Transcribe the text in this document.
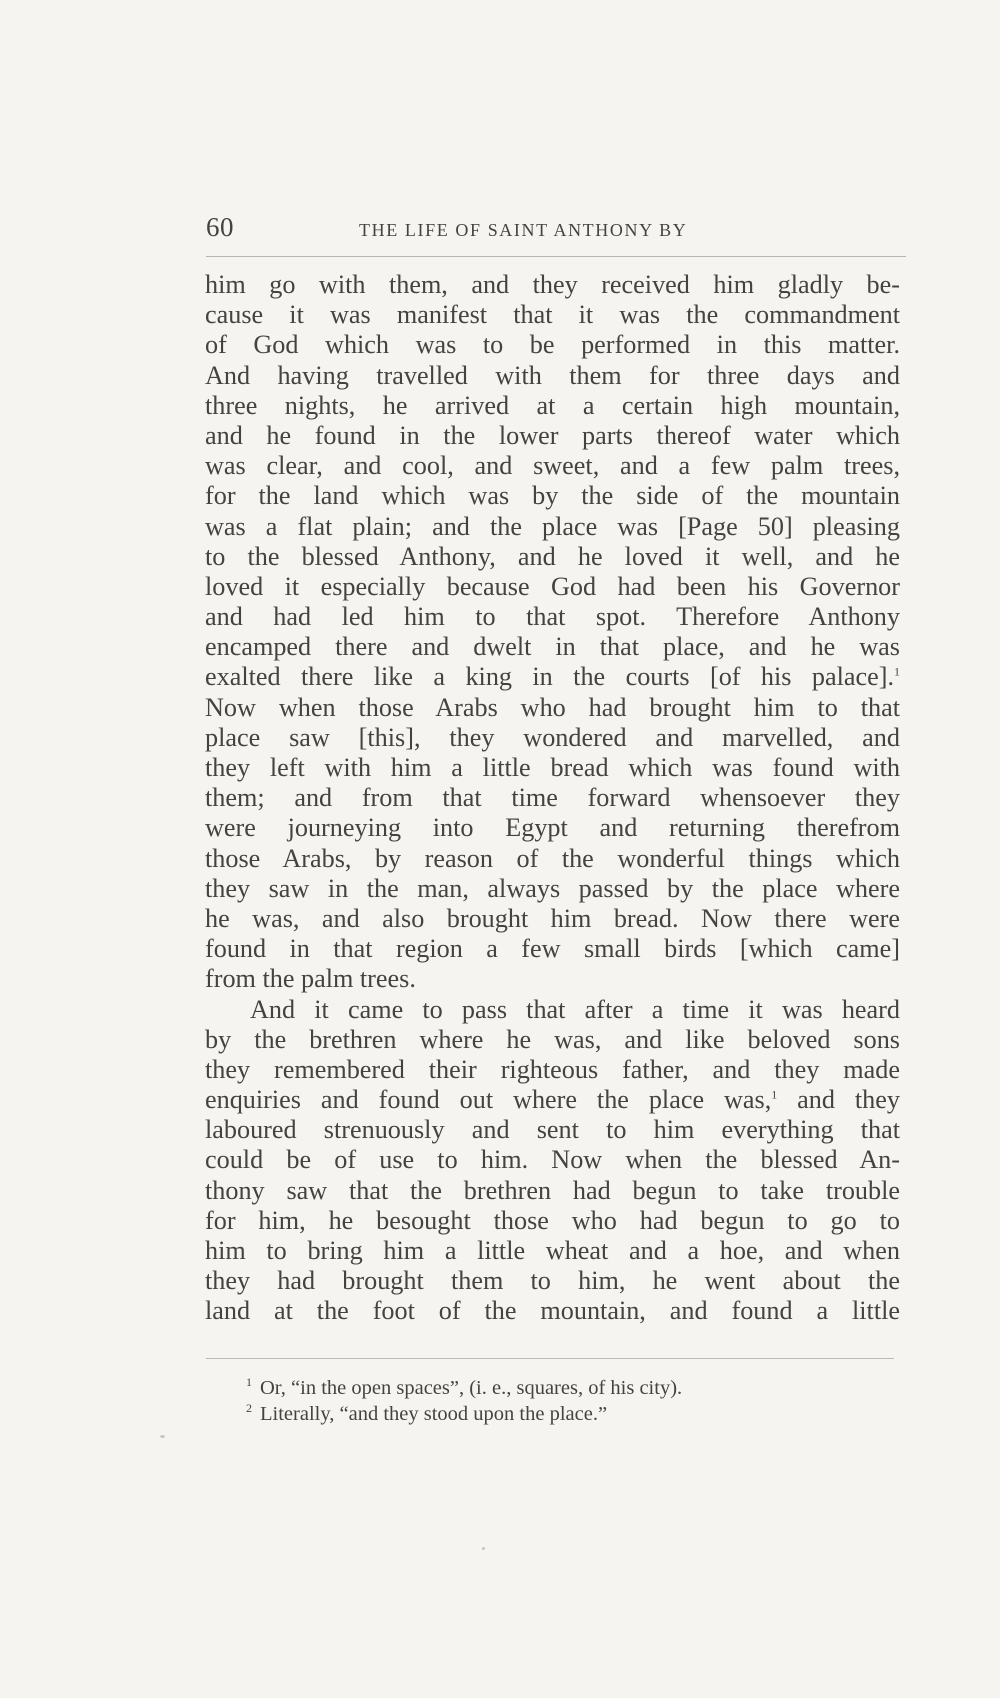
60	THE LIFE OF SAINT ANTHONY BY
him go with them, and they received him gladly be-
cause it was manifest that it was the commandment
of God which was to be performed in this matter.
And having travelled with them for three days and
three nights, he arrived at a certain high mountain,
and he found in the lower parts thereof water which
was clear, and cool, and sweet, and a few palm trees,
for the land which was by the side of the mountain
was a flat plain; and the place was [Page 50] pleasing
to the blessed Anthony, and he loved it well, and he
loved it especially because God had been his Governor
and had led him to that spot. Therefore Anthony
encamped there and dwelt in that place, and he was
exalted there like a king in the courts [of his palace].$^1$
Now when those Arabs who had brought him to that
place saw [this], they wondered and marvelled, and
they left with him a little bread which was found with
them; and from that time forward whensoever they
were journeying into Egypt and returning therefrom
those Arabs, by reason of the wonderful things which
they saw in the man, always passed by the place where
he was, and also brought him bread. Now there were
found in that region a few small birds [which came]
from the palm trees.
And it came to pass that after a time it was heard
by the brethren where he was, and like beloved sons
they remembered their righteous father, and they made
enquiries and found out where the place was,$^1$ and they
laboured strenuously and sent to him everything that
could be of use to him. Now when the blessed An-
thony saw that the brethren had begun to take trouble
for him, he besought those who had begun to go to
him to bring him a little wheat and a hoe, and when
they had brought them to him, he went about the
land at the foot of the mountain, and found a little
$^1$ Or, “in the open spaces”, (i. e., squares, of his city).
$^2$ Literally, “and they stood upon the place.”
